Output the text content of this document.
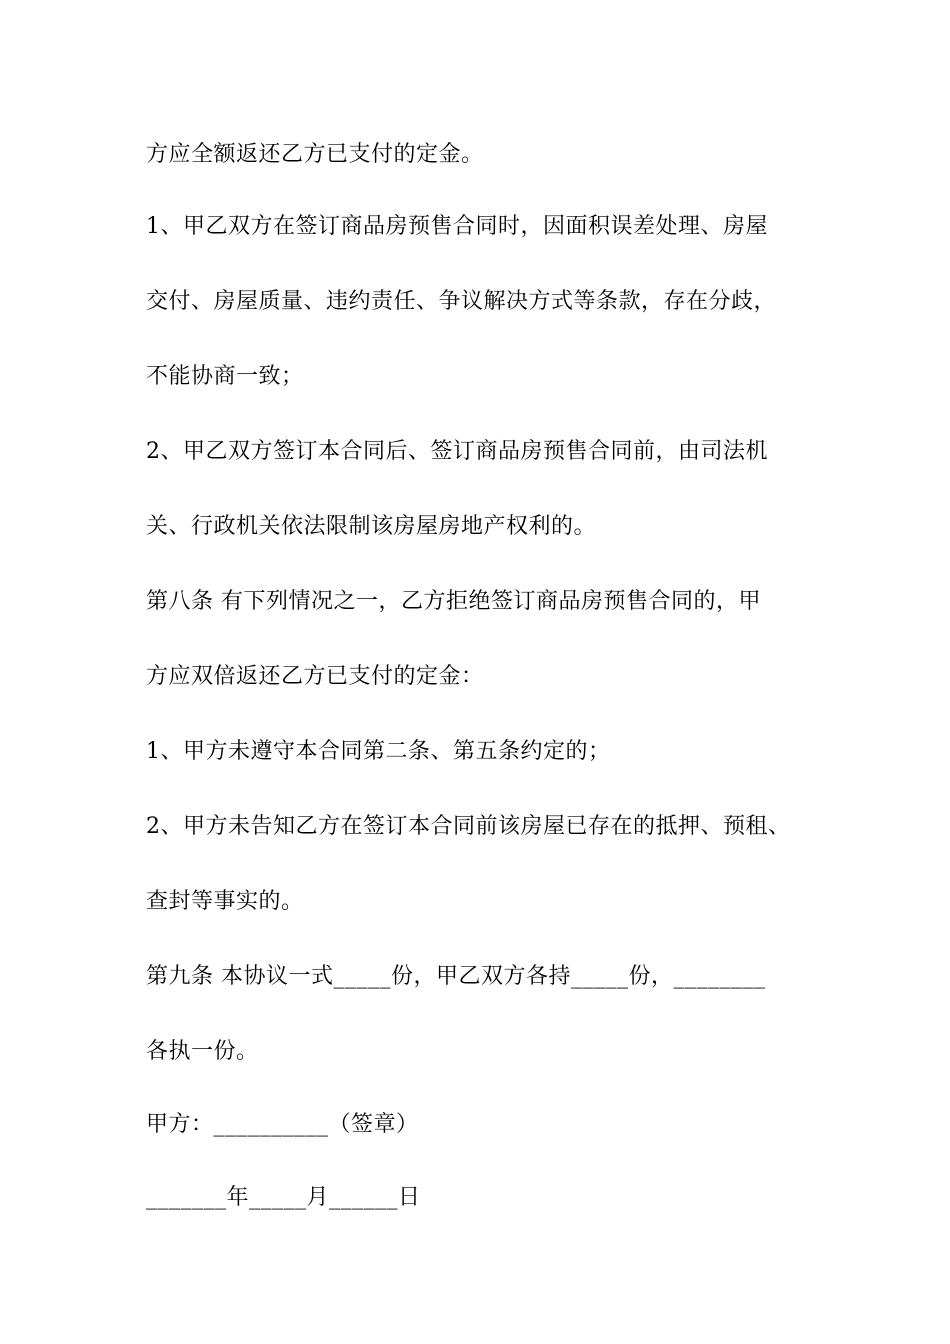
方应全额返还乙方已支付的定金。
1、甲乙双方在签订商品房预售合同时，因面积误差处理、房屋
交付、房屋质量、违约责任、争议解决方式等条款，存在分歧，
不能协商一致；
2、甲乙双方签订本合同后、签订商品房预售合同前，由司法机
关、行政机关依法限制该房屋房地产权利的。
第八条 有下列情况之一，乙方拒绝签订商品房预售合同的，甲
方应双倍返还乙方已支付的定金：
1、甲方未遵守本合同第二条、第五条约定的；
2、甲方未告知乙方在签订本合同前该房屋已存在的抵押、预租、
查封等事实的。
第九条 本协议一式_____份，甲乙双方各持_____份，________
各执一份。
甲方：__________（签章）
_______年_____月______日
